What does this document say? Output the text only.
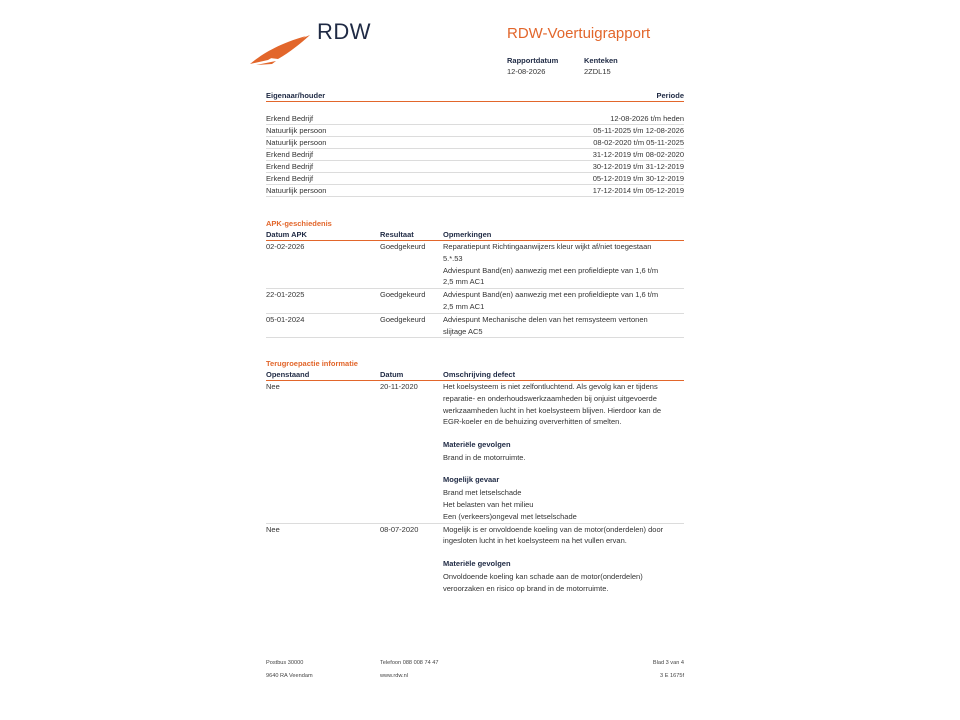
RDW	RDW-Voertuigrapport
Rapportdatum
12-08-2026
Kenteken
2ZDL15
Eigenaar/houder	Periode
Erkend Bedrijf	12-08-2026 t/m heden
Natuurlijk persoon	05-11-2025 t/m 12-08-2026
Natuurlijk persoon	08-02-2020 t/m 05-11-2025
Erkend Bedrijf	31-12-2019 t/m 08-02-2020
Erkend Bedrijf	30-12-2019 t/m 31-12-2019
Erkend Bedrijf	05-12-2019 t/m 30-12-2019
Natuurlijk persoon	17-12-2014 t/m 05-12-2019
APK-geschiedenis
Datum APK	Resultaat	Opmerkingen
02-02-2026	Goedgekeurd Reparatiepunt Richtingaanwijzers kleur wijkt af/niet toegestaan
5.*.53
Adviespunt Band(en) aanwezig met een profieldiepte van 1,6 t/m
2,5 mm AC1
22-01-2025	Goedgekeurd Adviespunt Band(en) aanwezig met een profieldiepte van 1,6 t/m
2,5 mm AC1
05-01-2024	Goedgekeurd Adviespunt Mechanische delen van het remsysteem vertonen
slijtage AC5
Terugroepactie informatie
Openstaand	Datum	Omschrijving defect
Nee	20-11-2020	Het koelsysteem is niet zelfontluchtend. Als gevolg kan er tijdens
reparatie- en onderhoudswerkzaamheden bij onjuist uitgevoerde
werkzaamheden lucht in het koelsysteem blijven. Hierdoor kan de
EGR-koeler en de behuizing oververhitten of smelten.
Materiële gevolgen
Brand in de motorruimte.
Mogelijk gevaar
Brand met letselschade
Het belasten van het milieu
Een (verkeers)ongeval met letselschade
Nee	08-07-2020	Mogelijk is er onvoldoende koeling van de motor(onderdelen) door
ingesloten lucht in het koelsysteem na het vullen ervan.
Materiële gevolgen
Onvoldoende koeling kan schade aan de motor(onderdelen)
veroorzaken en risico op brand in de motorruimte.
Postbus 30000
9640 RA Veendam
Telefoon 088 008 74 47
www.rdw.nl
Blad 3 van 4
3 E 1675f
